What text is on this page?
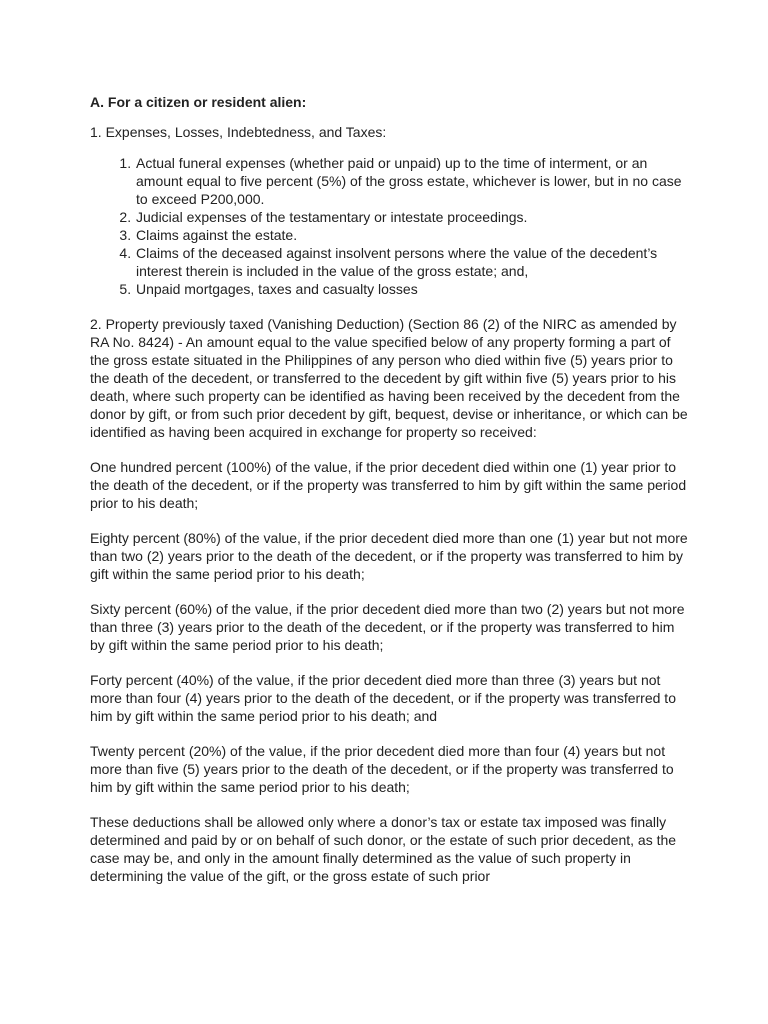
A. For a citizen or resident alien:
1. Expenses, Losses, Indebtedness, and Taxes:
1. Actual funeral expenses (whether paid or unpaid) up to the time of interment, or an amount equal to five percent (5%) of the gross estate, whichever is lower, but in no case to exceed P200,000.
2. Judicial expenses of the testamentary or intestate proceedings.
3. Claims against the estate.
4. Claims of the deceased against insolvent persons where the value of the decedent’s interest therein is included in the value of the gross estate; and,
5. Unpaid mortgages, taxes and casualty losses

2. Property previously taxed (Vanishing Deduction) (Section 86 (2) of the NIRC as amended by RA No. 8424) - An amount equal to the value specified below of any property forming a part of the gross estate situated in the Philippines of any person who died within five (5) years prior to the death of the decedent, or transferred to the decedent by gift within five (5) years prior to his death, where such property can be identified as having been received by the decedent from the donor by gift, or from such prior decedent by gift, bequest, devise or inheritance, or which can be identified as having been acquired in exchange for property so received:

One hundred percent (100%) of the value, if the prior decedent died within one (1) year prior to the death of the decedent, or if the property was transferred to him by gift within the same period prior to his death;

Eighty percent (80%) of the value, if the prior decedent died more than one (1) year but not more than two (2) years prior to the death of the decedent, or if the property was transferred to him by gift within the same period prior to his death;

Sixty percent (60%) of the value, if the prior decedent died more than two (2) years but not more than three (3) years prior to the death of the decedent, or if the property was transferred to him by gift within the same period prior to his death;

Forty percent (40%) of the value, if the prior decedent died more than three (3) years but not more than four (4) years prior to the death of the decedent, or if the property was transferred to him by gift within the same period prior to his death; and

Twenty percent (20%) of the value, if the prior decedent died more than four (4) years but not more than five (5) years prior to the death of the decedent, or if the property was transferred to him by gift within the same period prior to his death;

These deductions shall be allowed only where a donor’s tax or estate tax imposed was finally determined and paid by or on behalf of such donor, or the estate of such prior decedent, as the case may be, and only in the amount finally determined as the value of such property in determining the value of the gift, or the gross estate of such prior
